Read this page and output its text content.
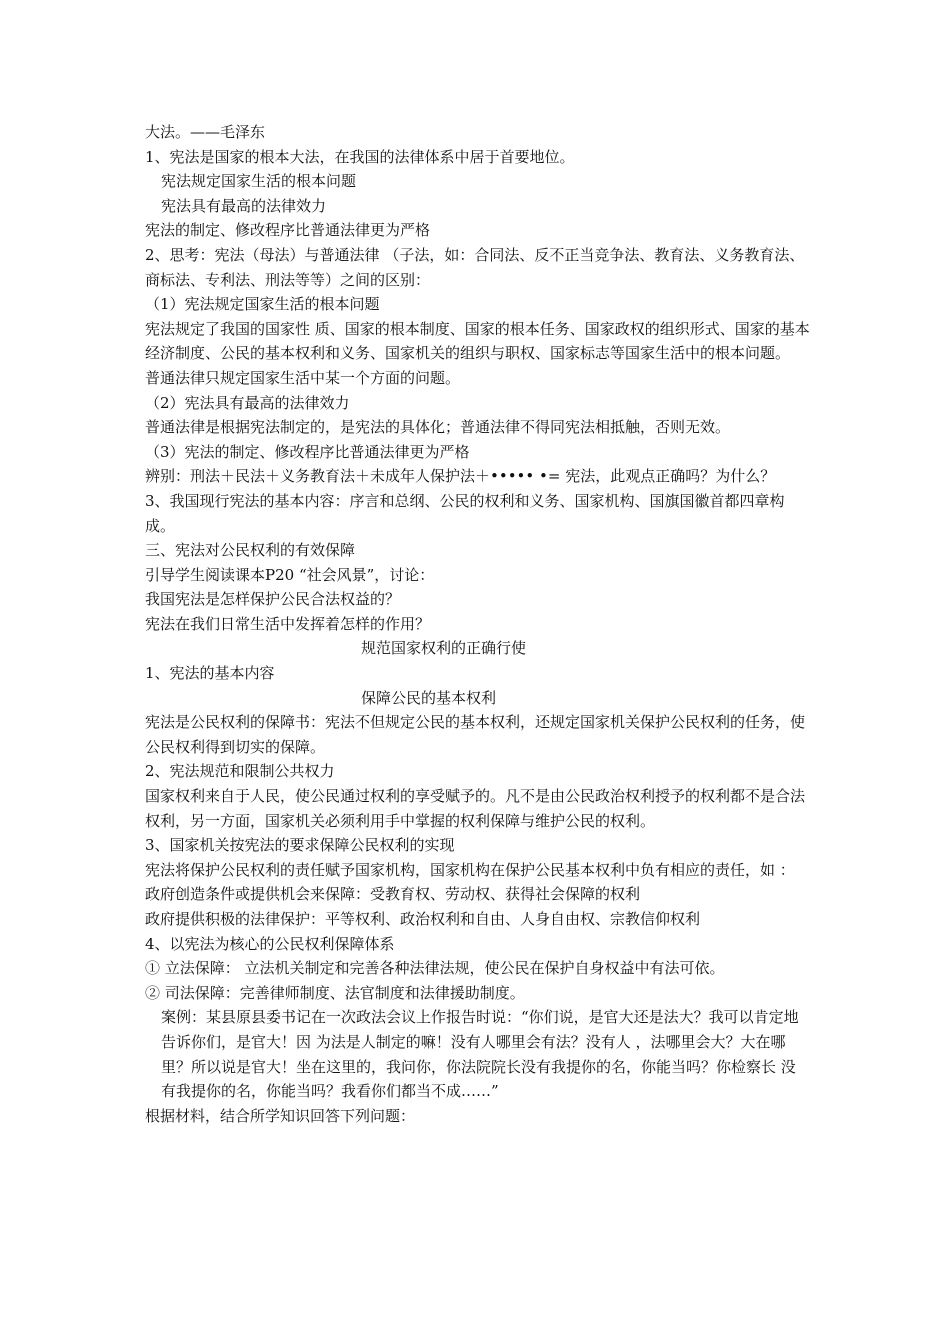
大法。——毛泽东

1、宪法是国家的根本大法，在我国的法律体系中居于首要地位。

宪法规定国家生活的根本问题

宪法具有最高的法律效力

宪法的制定、修改程序比普通法律更为严格

2、思考：宪法（母法）与普通法律 （子法，如：合同法、反不正当竞争法、教育法、义务教育法、商标法、专利法、刑法等等）之间的区别：

（1）宪法规定国家生活的根本问题

宪法规定了我国的国家性 质、国家的根本制度、国家的根本任务、国家政权的组织形式、国家的基本经济制度、公民的基本权利和义务、国家机关的组织与职权、国家标志等国家生活中的根本问题。

普通法律只规定国家生活中某一个方面的问题。

（2）宪法具有最高的法律效力

普通法律是根据宪法制定的，是宪法的具体化；普通法律不得同宪法相抵触，否则无效。

（3）宪法的制定、修改程序比普通法律更为严格

辨别：刑法＋民法＋义务教育法＋未成年人保护法＋••••• •= 宪法，此观点正确吗？为什么？

3、我国现行宪法的基本内容：序言和总纲、公民的权利和义务、国家机构、国旗国徽首都四章构成。

三、宪法对公民权利的有效保障

引导学生阅读课本P20 “社会风景”，讨论：

我国宪法是怎样保护公民合法权益的？

宪法在我们日常生活中发挥着怎样的作用？

规范国家权利的正确行使

1、宪法的基本内容

保障公民的基本权利

宪法是公民权利的保障书：宪法不但规定公民的基本权利，还规定国家机关保护公民权利的任务，使公民权利得到切实的保障。

2、宪法规范和限制公共权力

国家权利来自于人民，使公民通过权利的享受赋予的。凡不是由公民政治权利授予的权利都不是合法权利，另一方面，国家机关必须利用手中掌握的权利保障与维护公民的权利。

3、国家机关按宪法的要求保障公民权利的实现

宪法将保护公民权利的责任赋予国家机构，国家机构在保护公民基本权利中负有相应的责任，如 ：

政府创造条件或提供机会来保障：受教育权、劳动权、获得社会保障的权利

政府提供积极的法律保护：平等权利、政治权利和自由、人身自由权、宗教信仰权利

4、以宪法为核心的公民权利保障体系

① 立法保障： 立法机关制定和完善各种法律法规，使公民在保护自身权益中有法可依。

② 司法保障：完善律师制度、法官制度和法律援助制度。

案例：某县原县委书记在一次政法会议上作报告时说：“你们说，是官大还是法大？我可以肯定地告诉你们，是官大！因 为法是人制定的嘛！没有人哪里会有法？没有人 ，法哪里会大？大在哪里？所以说是官大！坐在这里的，我问你，你法院院长没有我提你的名，你能当吗？你检察长 没有我提你的名，你能当吗？我看你们都当不成……”

根据材料，结合所学知识回答下列问题：
